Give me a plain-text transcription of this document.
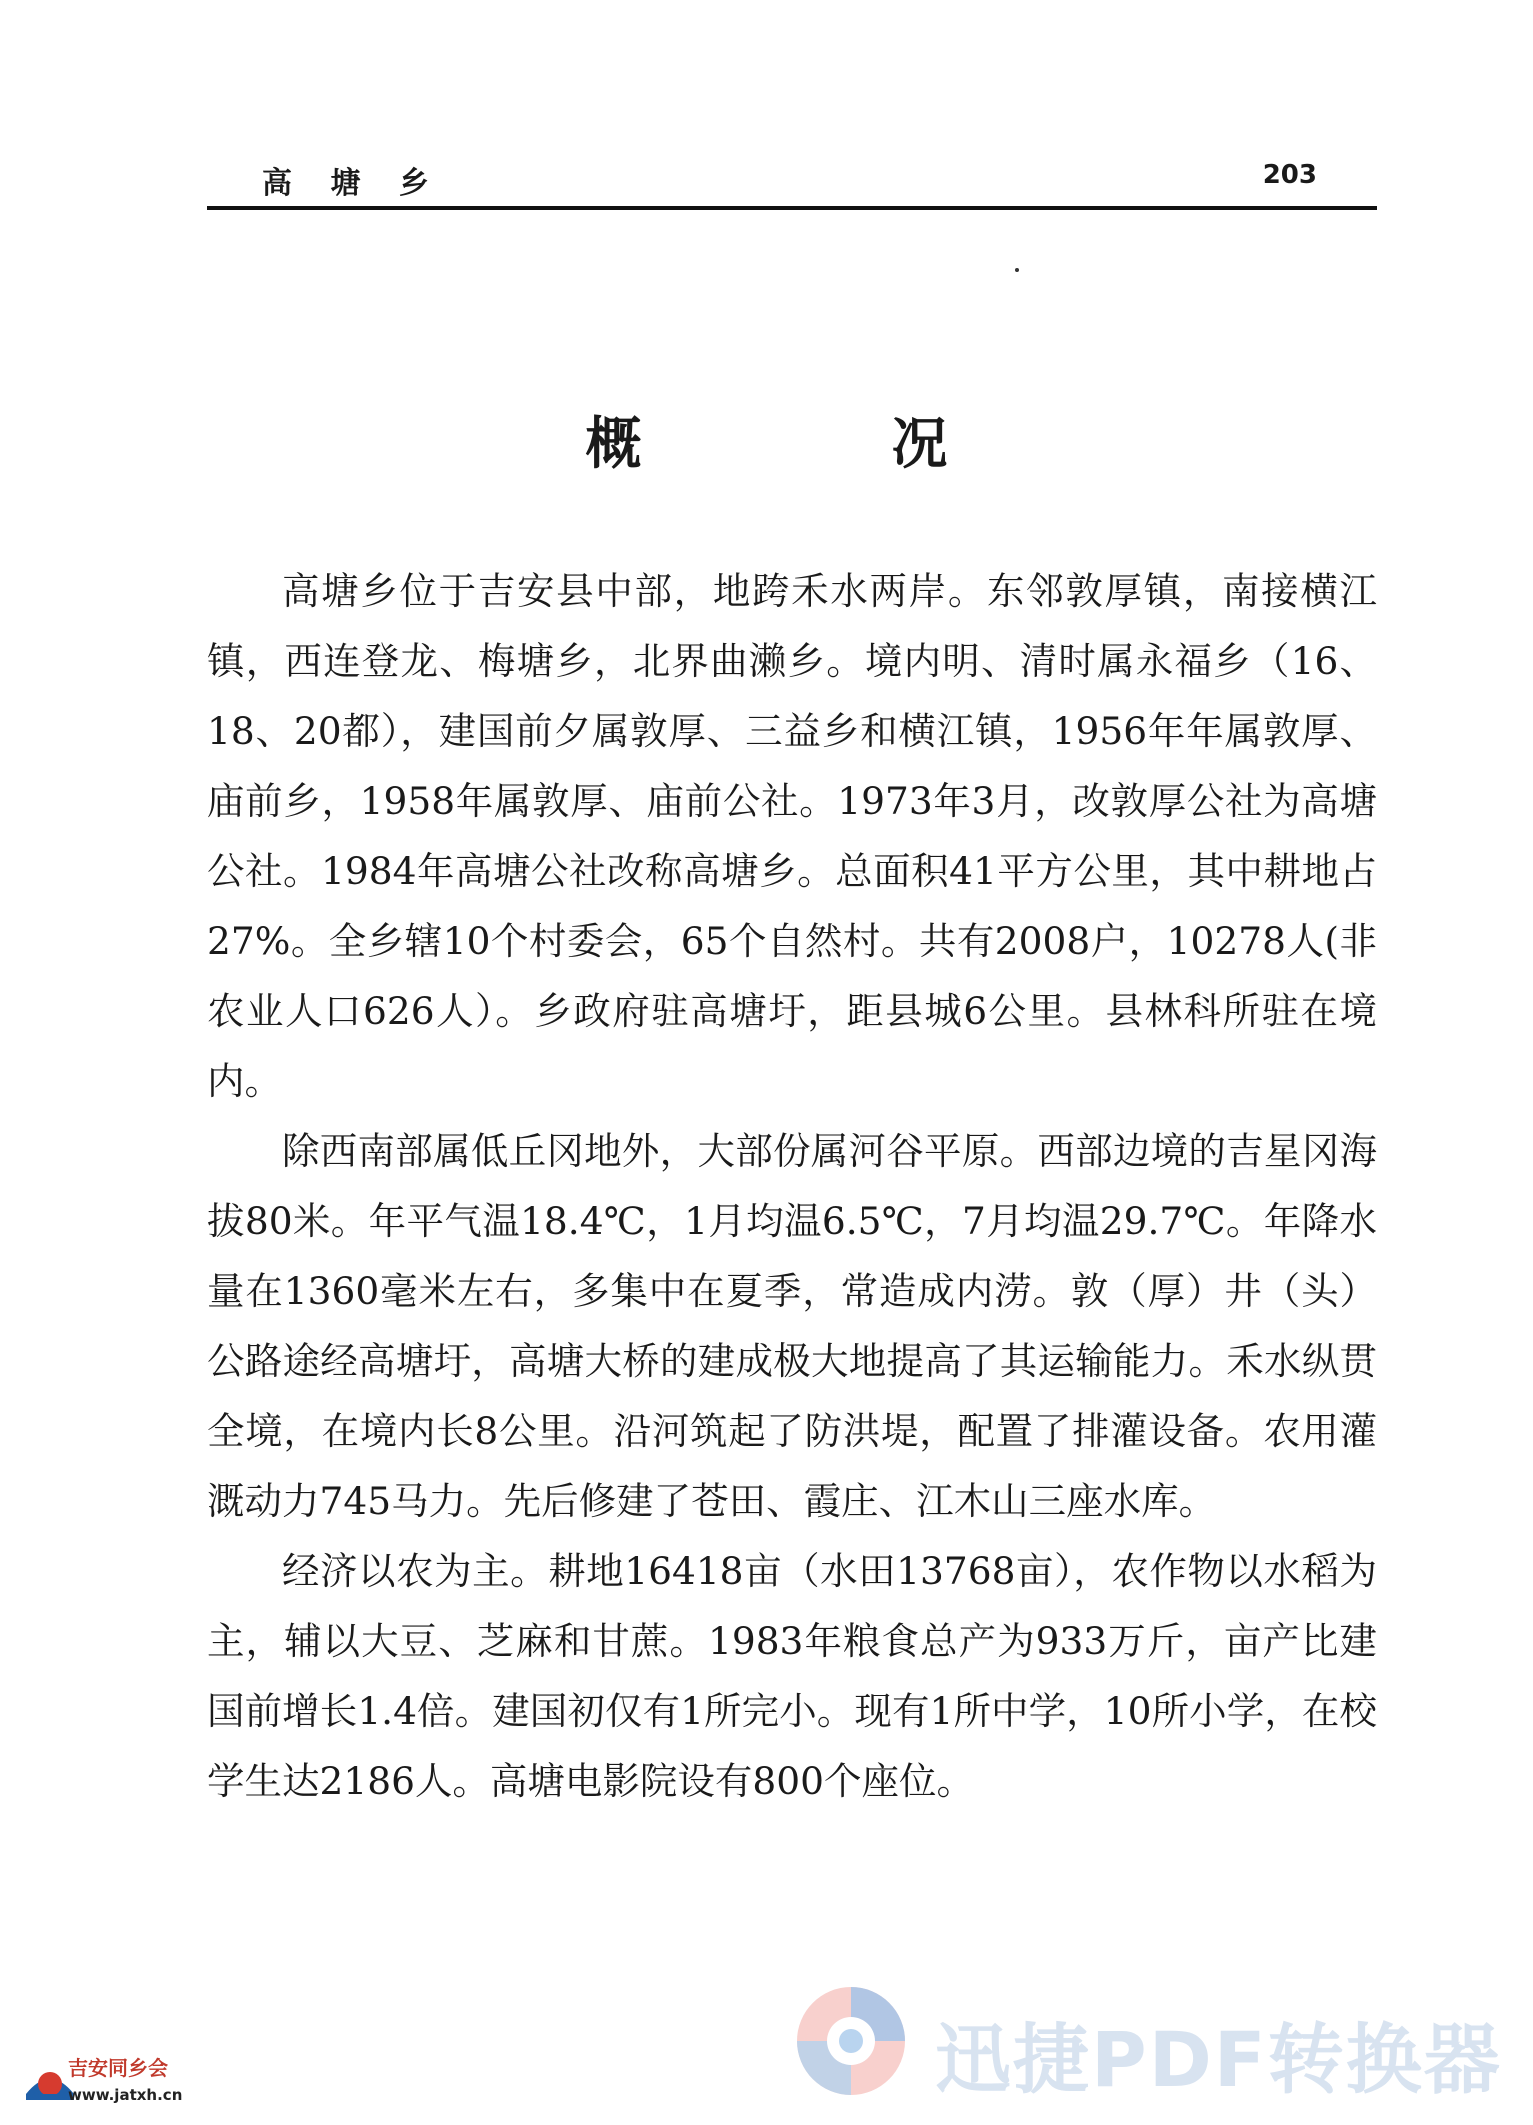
高 塘 乡	203
概况

高塘乡位于吉安县中部，地跨禾水两岸。东邻敦厚镇，南接横江镇，西连登龙、梅塘乡，北界曲濑乡。境内明、清时属永福乡（16、18、20都），建国前夕属敦厚、三益乡和横江镇，1956年年属敦厚、庙前乡，1958年属敦厚、庙前公社。1973年3月，改敦厚公社为高塘公社。1984年高塘公社改称高塘乡。总面积41平方公里，其中耕地占27%。全乡辖10个村委会，65个自然村。共有2008户，10278人(非农业人口626人）。乡政府驻高塘圩，距县城6公里。县林科所驻在境内。

除西南部属低丘冈地外，大部份属河谷平原。西部边境的吉星冈海拔80米。年平气温18.4℃，1月均温6.5℃，7月均温29.7℃。年降水量在1360毫米左右，多集中在夏季，常造成内涝。敦（厚）井（头）公路途经高塘圩，高塘大桥的建成极大地提高了其运输能力。禾水纵贯全境，在境内长8公里。沿河筑起了防洪堤，配置了排灌设备。农用灌溉动力745马力。先后修建了苍田、霞庄、江木山三座水库。

经济以农为主。耕地16418亩（水田13768亩），农作物以水稻为主，辅以大豆、芝麻和甘蔗。1983年粮食总产为933万斤，亩产比建国前增长1.4倍。建国初仅有1所完小。现有1所中学，10所小学，在校学生达2186人。高塘电影院设有800个座位。

迅捷PDF转换器
吉安同乡会
www.jatxh.cn
